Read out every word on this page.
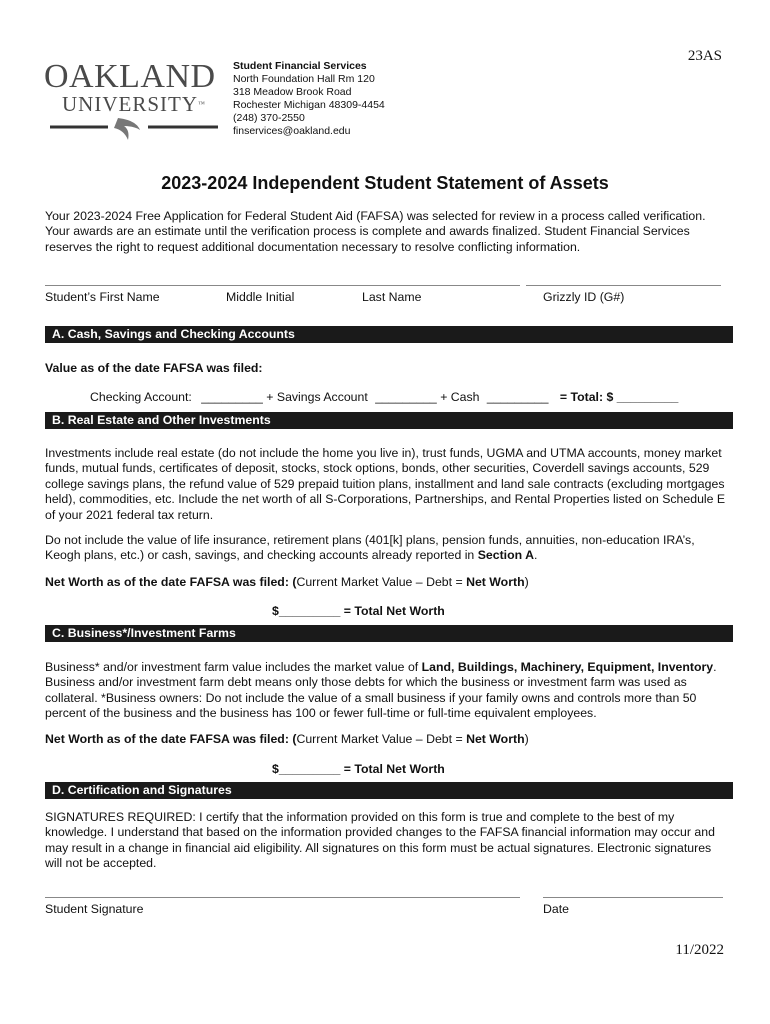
23AS
OAKLAND
UNIVERSITY™
Student Financial Services
North Foundation Hall Rm 120
318 Meadow Brook Road
Rochester Michigan 48309-4454
(248) 370-2550
finservices@oakland.edu
2023-2024 Independent Student Statement of Assets
Your 2023-2024 Free Application for Federal Student Aid (FAFSA) was selected for review in a process called verification. Your awards are an estimate until the verification process is complete and awards finalized. Student Financial Services reserves the right to request additional documentation necessary to resolve conflicting information.
Student’s First Name	Middle Initial	Last Name	Grizzly ID (G#)
A. Cash, Savings and Checking Accounts
Value as of the date FAFSA was filed:
Checking Account: _________ + Savings Account _________ + Cash _________ = Total: $ _________
B. Real Estate and Other Investments
Investments include real estate (do not include the home you live in), trust funds, UGMA and UTMA accounts, money market funds, mutual funds, certificates of deposit, stocks, stock options, bonds, other securities, Coverdell savings accounts, 529 college savings plans, the refund value of 529 prepaid tuition plans, installment and land sale contracts (excluding mortgages held), commodities, etc. Include the net worth of all S-Corporations, Partnerships, and Rental Properties listed on Schedule E of your 2021 federal tax return.
Do not include the value of life insurance, retirement plans (401[k] plans, pension funds, annuities, non-education IRA’s, Keogh plans, etc.) or cash, savings, and checking accounts already reported in Section A.
Net Worth as of the date FAFSA was filed: (Current Market Value – Debt = Net Worth)
$_________ = Total Net Worth
C. Business*/Investment Farms
Business* and/or investment farm value includes the market value of Land, Buildings, Machinery, Equipment, Inventory. Business and/or investment farm debt means only those debts for which the business or investment farm was used as collateral. *Business owners: Do not include the value of a small business if your family owns and controls more than 50 percent of the business and the business has 100 or fewer full-time or full-time equivalent employees.
Net Worth as of the date FAFSA was filed: (Current Market Value – Debt = Net Worth)
$_________ = Total Net Worth
D. Certification and Signatures
SIGNATURES REQUIRED: I certify that the information provided on this form is true and complete to the best of my knowledge. I understand that based on the information provided changes to the FAFSA financial information may occur and may result in a change in financial aid eligibility. All signatures on this form must be actual signatures. Electronic signatures will not be accepted.
Student Signature	Date
11/2022
